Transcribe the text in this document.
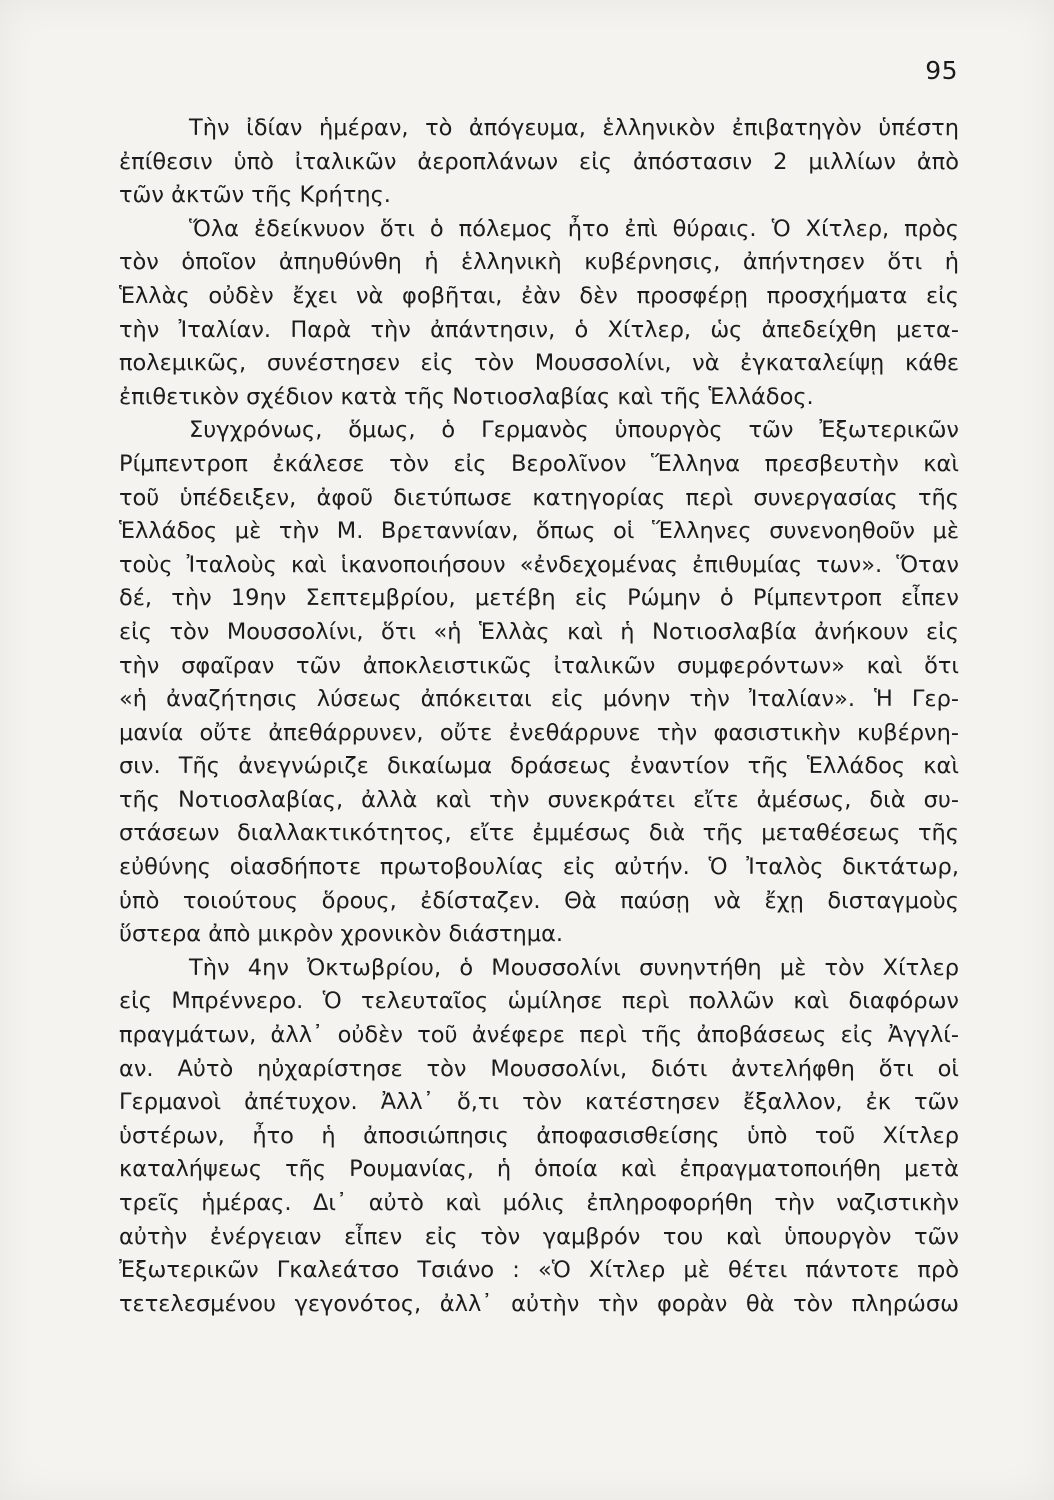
95
Τὴν ἰδίαν ἡμέραν, τὸ ἀπόγευμα, ἑλληνικὸν ἐπιβατηγὸν ὑπέστη
ἐπίθεσιν ὑπὸ ἰταλικῶν ἀεροπλάνων εἰς ἀπόστασιν 2 μιλλίων ἀπὸ
τῶν ἀκτῶν τῆς Κρήτης.
Ὅλα ἐδείκνυον ὅτι ὁ πόλεμος ἦτο ἐπὶ θύραις. Ὁ Χίτλερ, πρὸς
τὸν ὁποῖον ἀπηυθύνθη ἡ ἑλληνικὴ κυβέρνησις, ἀπήντησεν ὅτι ἡ
Ἑλλὰς οὐδὲν ἔχει νὰ φοβῆται, ἐὰν δὲν προσφέρῃ προσχήματα εἰς
τὴν Ἰταλίαν. Παρὰ τὴν ἀπάντησιν, ὁ Χίτλερ, ὡς ἀπεδείχθη μετα-
πολεμικῶς, συνέστησεν εἰς τὸν Μουσσολίνι, νὰ ἐγκαταλείψῃ κάθε
ἐπιθετικὸν σχέδιον κατὰ τῆς Νοτιοσλαβίας καὶ τῆς Ἑλλάδος.
Συγχρόνως, ὅμως, ὁ Γερμανὸς ὑπουργὸς τῶν Ἐξωτερικῶν
Ρίμπεντροπ ἐκάλεσε τὸν εἰς Βερολῖνον Ἕλληνα πρεσβευτὴν καὶ
τοῦ ὑπέδειξεν, ἀφοῦ διετύπωσε κατηγορίας περὶ συνεργασίας τῆς
Ἑλλάδος μὲ τὴν Μ. Βρεταννίαν, ὅπως οἱ Ἕλληνες συνενοηθοῦν μὲ
τοὺς Ἰταλοὺς καὶ ἱκανοποιήσουν «ἐνδεχομένας ἐπιθυμίας των». Ὅταν
δέ, τὴν 19ην Σεπτεμβρίου, μετέβη εἰς Ρώμην ὁ Ρίμπεντροπ εἶπεν
εἰς τὸν Μουσσολίνι, ὅτι «ἡ Ἑλλὰς καὶ ἡ Νοτιοσλαβία ἀνήκουν εἰς
τὴν σφαῖραν τῶν ἀποκλειστικῶς ἰταλικῶν συμφερόντων» καὶ ὅτι
«ἡ ἀναζήτησις λύσεως ἀπόκειται εἰς μόνην τὴν Ἰταλίαν». Ἡ Γερ-
μανία οὔτε ἀπεθάρρυνεν, οὔτε ἐνεθάρρυνε τὴν φασιστικὴν κυβέρνη-
σιν. Τῆς ἀνεγνώριζε δικαίωμα δράσεως ἐναντίον τῆς Ἑλλάδος καὶ
τῆς Νοτιοσλαβίας, ἀλλὰ καὶ τὴν συνεκράτει εἴτε ἀμέσως, διὰ συ-
στάσεων διαλλακτικότητος, εἴτε ἐμμέσως διὰ τῆς μεταθέσεως τῆς
εὐθύνης οἱασδήποτε πρωτοβουλίας εἰς αὐτήν. Ὁ Ἰταλὸς δικτάτωρ,
ὑπὸ τοιούτους ὅρους, ἐδίσταζεν. Θὰ παύσῃ νὰ ἔχῃ δισταγμοὺς
ὕστερα ἀπὸ μικρὸν χρονικὸν διάστημα.
Τὴν 4ην Ὀκτωβρίου, ὁ Μουσσολίνι συνηντήθη μὲ τὸν Χίτλερ
εἰς Μπρέννερο. Ὁ τελευταῖος ὡμίλησε περὶ πολλῶν καὶ διαφόρων
πραγμάτων, ἀλλ᾽ οὐδὲν τοῦ ἀνέφερε περὶ τῆς ἀποβάσεως εἰς Ἀγγλί-
αν. Αὐτὸ ηὐχαρίστησε τὸν Μουσσολίνι, διότι ἀντελήφθη ὅτι οἱ
Γερμανοὶ ἀπέτυχον. Ἀλλ᾽ ὅ,τι τὸν κατέστησεν ἔξαλλον, ἐκ τῶν
ὑστέρων, ἦτο ἡ ἀποσιώπησις ἀποφασισθείσης ὑπὸ τοῦ Χίτλερ
καταλήψεως τῆς Ρουμανίας, ἡ ὁποία καὶ ἐπραγματοποιήθη μετὰ
τρεῖς ἡμέρας. Δι᾽ αὐτὸ καὶ μόλις ἐπληροφορήθη τὴν ναζιστικὴν
αὐτὴν ἐνέργειαν εἶπεν εἰς τὸν γαμβρόν του καὶ ὑπουργὸν τῶν
Ἐξωτερικῶν Γκαλεάτσο Τσιάνο : «Ὁ Χίτλερ μὲ θέτει πάντοτε πρὸ
τετελεσμένου γεγονότος, ἀλλ᾽ αὐτὴν τὴν φορὰν θὰ τὸν πληρώσω
